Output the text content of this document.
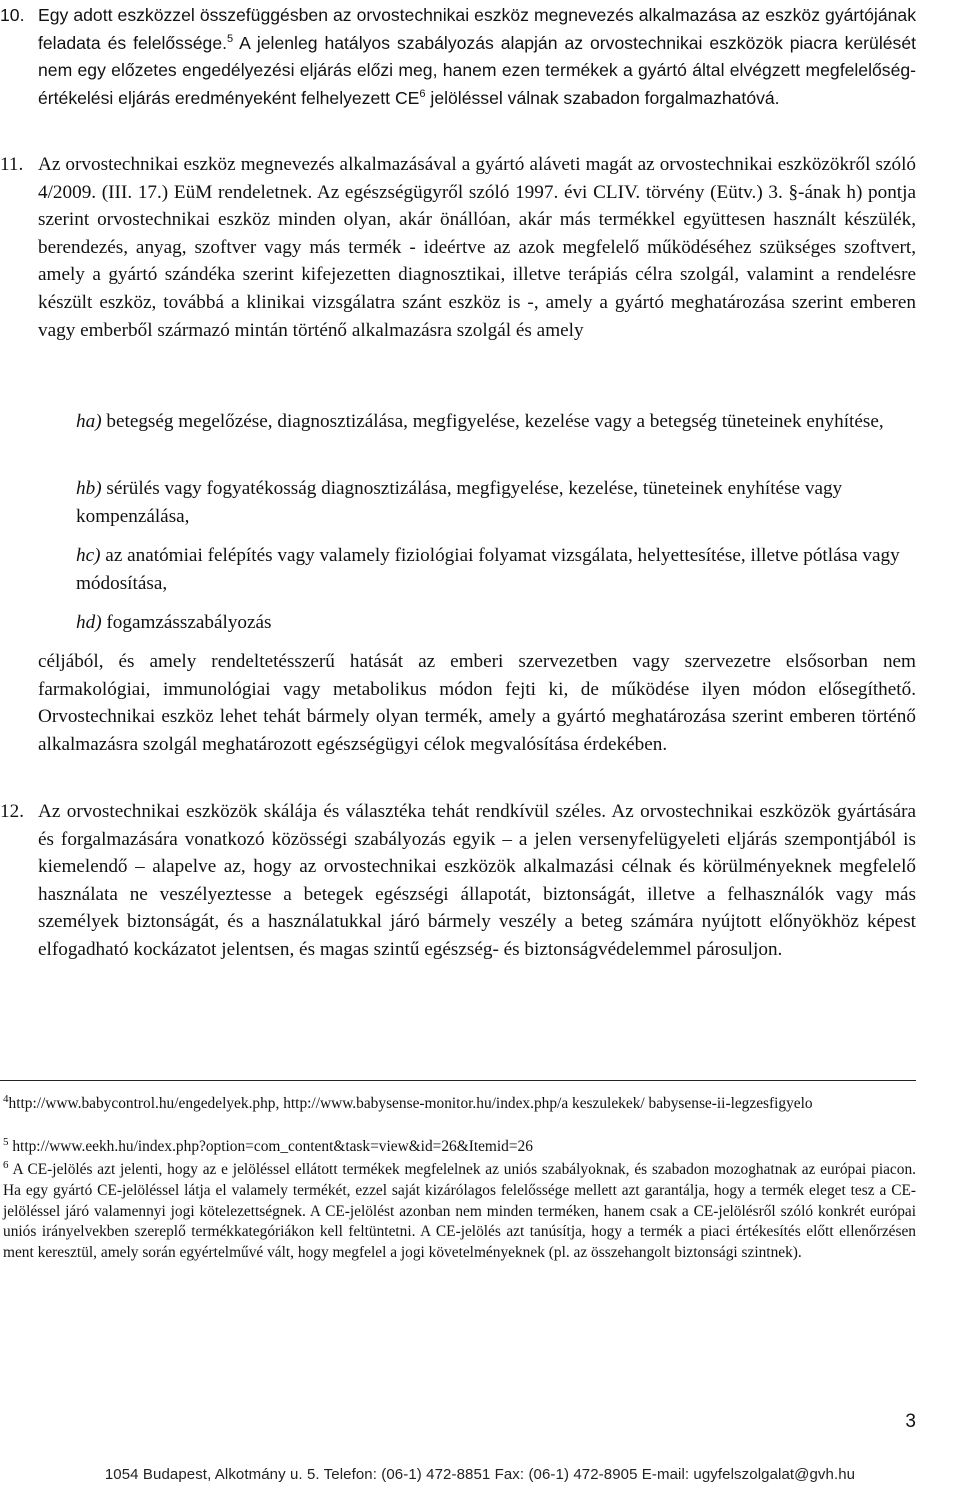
10. Egy adott eszközzel összefüggésben az orvostechnikai eszköz megnevezés alkalmazása az eszköz gyártójának feladata és felelőssége.$^5$ A jelenleg hatályos szabályozás alapján az orvostechnikai eszközök piacra kerülését nem egy előzetes engedélyezési eljárás előzi meg, hanem ezen termékek a gyártó által elvégzett megfelelőség-értékelési eljárás eredményeként felhelyezett $CE^6$ jelöléssel válnak szabadon forgalmazhatóvá.
11. Az orvostechnikai eszköz megnevezés alkalmazásával a gyártó aláveti magát az orvostechnikai eszközökről szóló 4/2009. (III. 17.) EüM rendeletnek. Az egészségügyről szóló 1997. évi CLIV. törvény (Eütv.) 3. §-ának h) pontja szerint orvostechnikai eszköz minden olyan, akár önállóan, akár más termékkel együttesen használt készülék, berendezés, anyag, szoftver vagy más termék - ideértve az azok megfelelő működéséhez szükséges szoftvert, amely a gyártó szándéka szerint kifejezetten diagnosztikai, illetve terápiás célra szolgál, valamint a rendelésre készült eszköz, továbbá a klinikai vizsgálatra szánt eszköz is -, amely a gyártó meghatározása szerint emberen vagy emberből származó mintán történő alkalmazásra szolgál és amely
ha) betegség megelőzése, diagnosztizálása, megfigyelése, kezelése vagy a betegség tüneteinek enyhítése,
hb) sérülés vagy fogyatékosság diagnosztizálása, megfigyelése, kezelése, tüneteinek enyhítése vagy kompenzálása,
hc) az anatómiai felépítés vagy valamely fiziológiai folyamat vizsgálata, helyettesítése, illetve pótlása vagy módosítása,
hd) fogamzásszabályozás
céljából, és amely rendeltetésszerű hatását az emberi szervezetben vagy szervezetre elsősorban nem farmakológiai, immunológiai vagy metabolikus módon fejti ki, de működése ilyen módon elősegíthető. Orvostechnikai eszköz lehet tehát bármely olyan termék, amely a gyártó meghatározása szerint emberen történő alkalmazásra szolgál meghatározott egészségügyi célok megvalósítása érdekében.
12. Az orvostechnikai eszközök skálája és választéka tehát rendkívül széles. Az orvostechnikai eszközök gyártására és forgalmazására vonatkozó közösségi szabályozás egyik – a jelen versenyfelügyeleti eljárás szempontjából is kiemelendő – alapelve az, hogy az orvostechnikai eszközök alkalmazási célnak és körülményeknek megfelelő használata ne veszélyeztesse a betegek egészségi állapotát, biztonságát, illetve a felhasználók vagy más személyek biztonságát, és a használatukkal járó bármely veszély a beteg számára nyújtott előnyökhöz képest elfogadható kockázatot jelentsen, és magas szintű egészség- és biztonságvédelemmel párosuljon.
$^4$http://www.babycontrol.hu/engedelyek.php, http://www.babysense-monitor.hu/index.php/a keszulekek/ babysense-ii-legzesfigyelo
$^5$ http://www.eekh.hu/index.php?option=com_content&task=view&id=26&Itemid=26
$^6$ A CE-jelölés azt jelenti, hogy az e jelöléssel ellátott termékek megfelelnek az uniós szabályoknak, és szabadon mozoghatnak az európai piacon. Ha egy gyártó CE-jelöléssel látja el valamely termékét, ezzel saját kizárólagos felelőssége mellett azt garantálja, hogy a termék eleget tesz a CE-jelöléssel járó valamennyi jogi kötelezettségnek. A CE-jelölést azonban nem minden terméken, hanem csak a CE-jelölésről szóló konkrét európai uniós irányelvekben szereplő termékkategóriákon kell feltüntetni. A CE-jelölés azt tanúsítja, hogy a termék a piaci értékesítés előtt ellenőrzésen ment keresztül, amely során egyértelművé vált, hogy megfelel a jogi követelményeknek (pl. az összehangolt biztonsági szintnek).
3
1054 Budapest, Alkotmány u. 5. Telefon: (06-1) 472-8851 Fax: (06-1) 472-8905 E-mail: ugyfelszolgalat@gvh.hu
